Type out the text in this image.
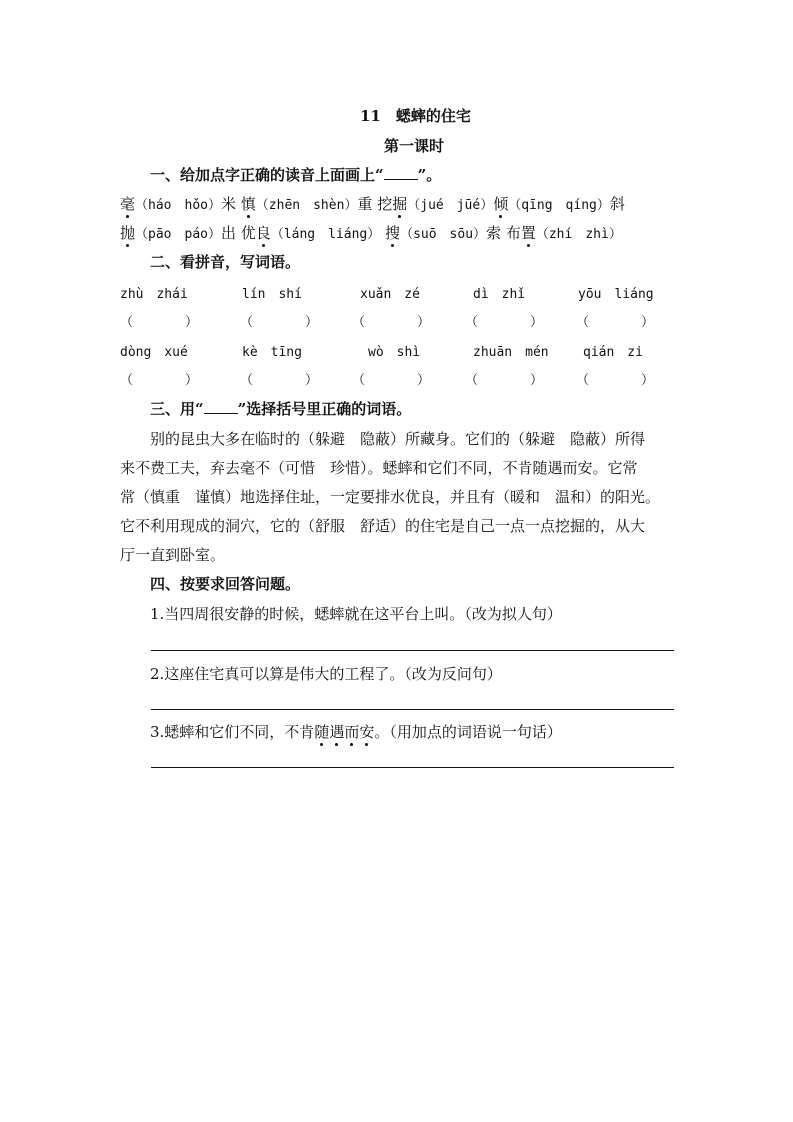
11　蟋蟀的住宅
第一课时
一、给加点字正确的读音上面画上“ ”。
毫（háo　hǒo）米 慎（zhēn　shèn）重 挖掘（jué　jūé）倾（qīng　qíng）斜
抛（pāo　páo）出 优良（láng　liáng） 搜（suō　sōu）索 布置（zhí　zhì）
二、看拼音，写词语。
zhù　zhái	lín　shí	xuǎn　zé	dì　zhǐ	yōu　liáng
（　　　　）	（　　　　）	（　　　　）	（　　　　）	（　　　　）
dòng　xué	kè　tīng	wò　shì	zhuān　mén	qián　zi
（　　　　）	（　　　　）	（　　　　）	（　　　　）	（　　　　）
三、用“ ”选择括号里正确的词语。
别的昆虫大多在临时的（躲避　隐蔽）所藏身。它们的（躲避　隐蔽）所得
来不费工夫，弃去毫不（可惜　珍惜）。蟋蟀和它们不同，不肯随遇而安。它常
常（慎重　谨慎）地选择住址，一定要排水优良，并且有（暖和　温和）的阳光。
它不利用现成的洞穴，它的（舒服　舒适）的住宅是自己一点一点挖掘的，从大
厅一直到卧室。
四、按要求回答问题。
1.当四周很安静的时候，蟋蟀就在这平台上叫。（改为拟人句）
2.这座住宅真可以算是伟大的工程了。（改为反问句）
3.蟋蟀和它们不同，不肯随遇而安。（用加点的词语说一句话）
